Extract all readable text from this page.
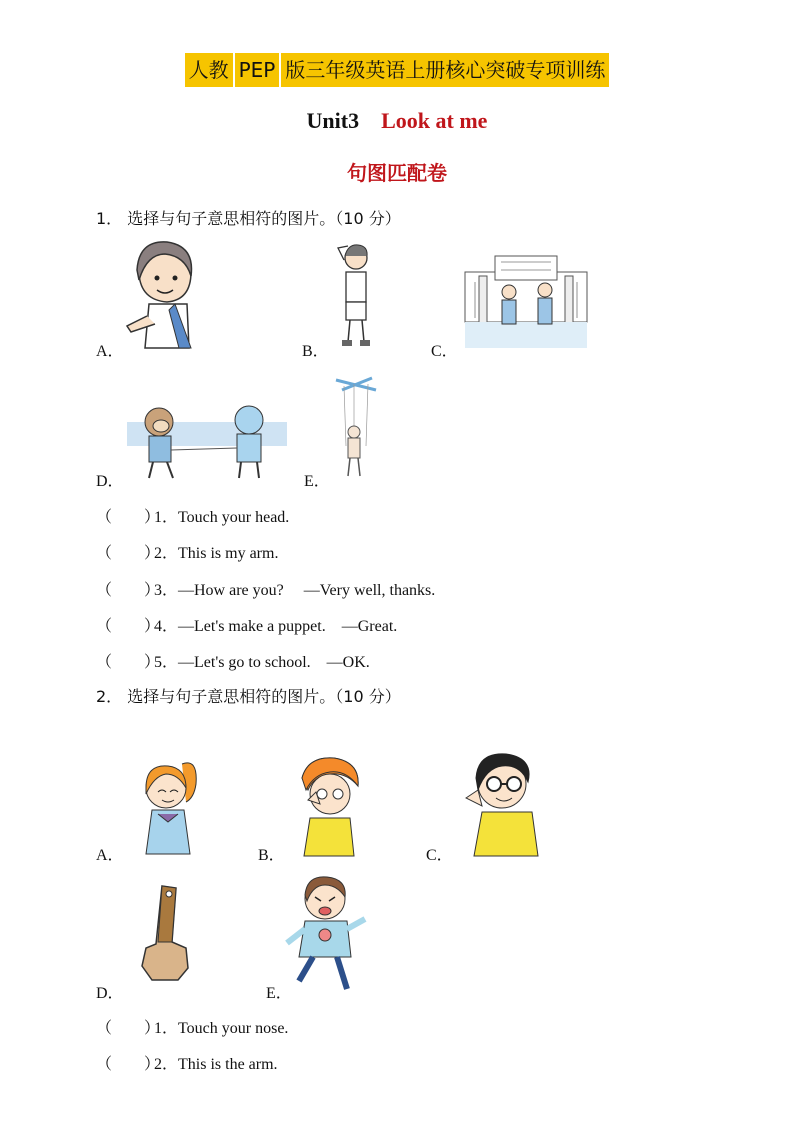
人教 PEP 版三年级英语上册核心突破专项训练
Unit3 Look at me
句图匹配卷
1． 选择与句子意思相符的图片。（10 分）
A．	B．	C．
D．	E．
（　　）1．Touch your head.
（　　）2．This is my arm.
（　　）3．—How are you?　 —Very well, thanks.
（　　）4．—Let's make a puppet.　—Great.
（　　）5．—Let's go to school.　—OK.
2． 选择与句子意思相符的图片。（10 分）
A．	B．	C．
D．	E．
（　　）1．Touch your nose.
（　　）2．This is the arm.
